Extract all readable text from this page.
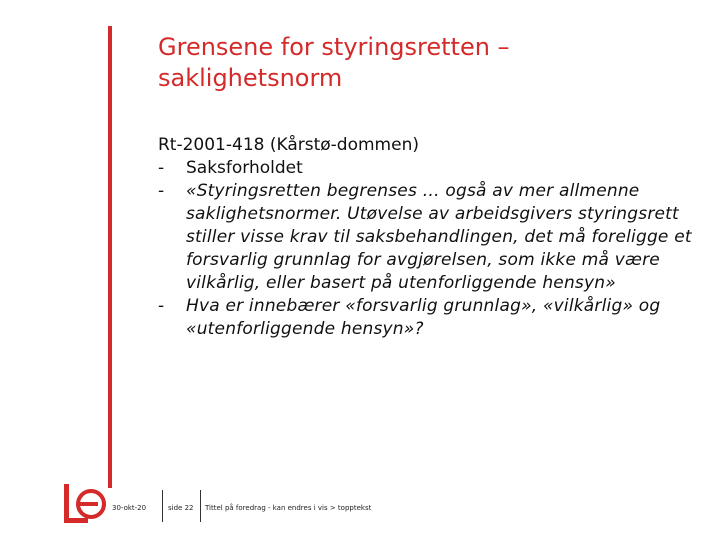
Grensene for styringsretten – saklighetsnorm

Rt-2001-418 (Kårstø-dommen)

-	Saksforholdet
-	«Styringsretten begrenses … også av mer allmenne saklighetsnormer. Utøvelse av arbeidsgivers styringsrett stiller visse krav til saksbehandlingen, det må foreligge et forsvarlig grunnlag for avgjørelsen, som ikke må være vilkårlig, eller basert på utenforliggende hensyn»
-	Hva er innebærer «forsvarlig grunnlag», «vilkårlig» og «utenforliggende hensyn»?
30-okt-20	side 22 Tittel på foredrag - kan endres i vis > topptekst
